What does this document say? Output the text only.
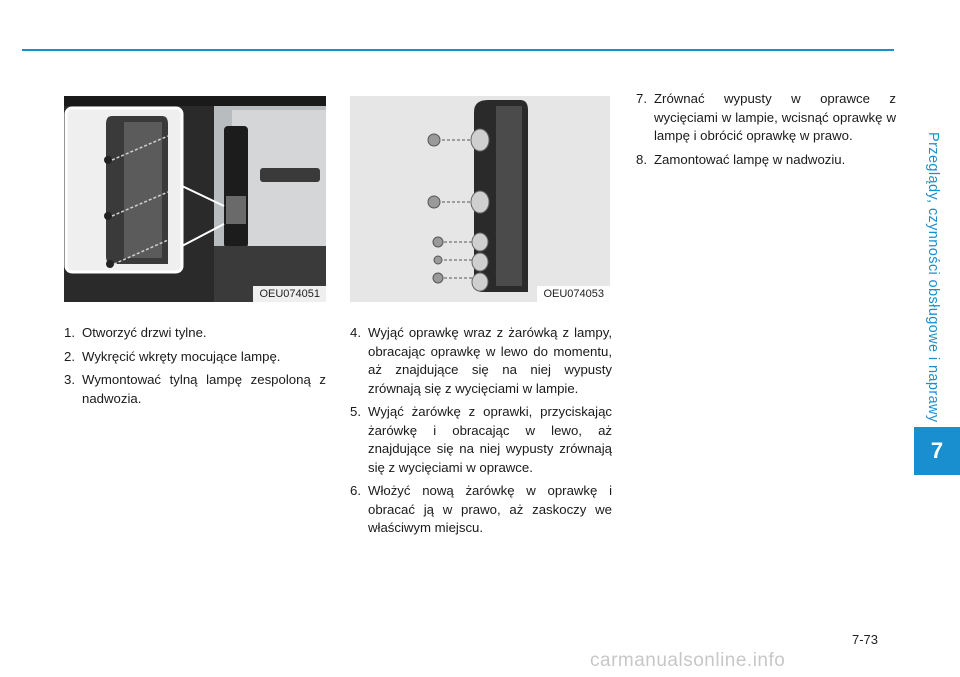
Przeglądy, czynności obsługowe i naprawy
7
OEU074051	OEU074053
1. Otworzyć drzwi tylne.
2. Wykręcić wkręty mocujące lampę.
3. Wymontować tylną lampę zespoloną z nadwozia.
4. Wyjąć oprawkę wraz z żarówką z lampy, obracając oprawkę w lewo do momentu, aż znajdujące się na niej wypusty zrównają się z wycięciami w lampie.
5. Wyjąć żarówkę z oprawki, przyciskając żarówkę i obracając w lewo, aż znajdujące się na niej wypusty zrównają się z wycięciami w oprawce.
6. Włożyć nową żarówkę w oprawkę i obracać ją w prawo, aż zaskoczy we właściwym miejscu.
7. Zrównać wypusty w oprawce z wycięciami w lampie, wcisnąć oprawkę w lampę i obrócić oprawkę w prawo.
8. Zamontować lampę w nadwoziu.
7-73
carmanualsonline.info
